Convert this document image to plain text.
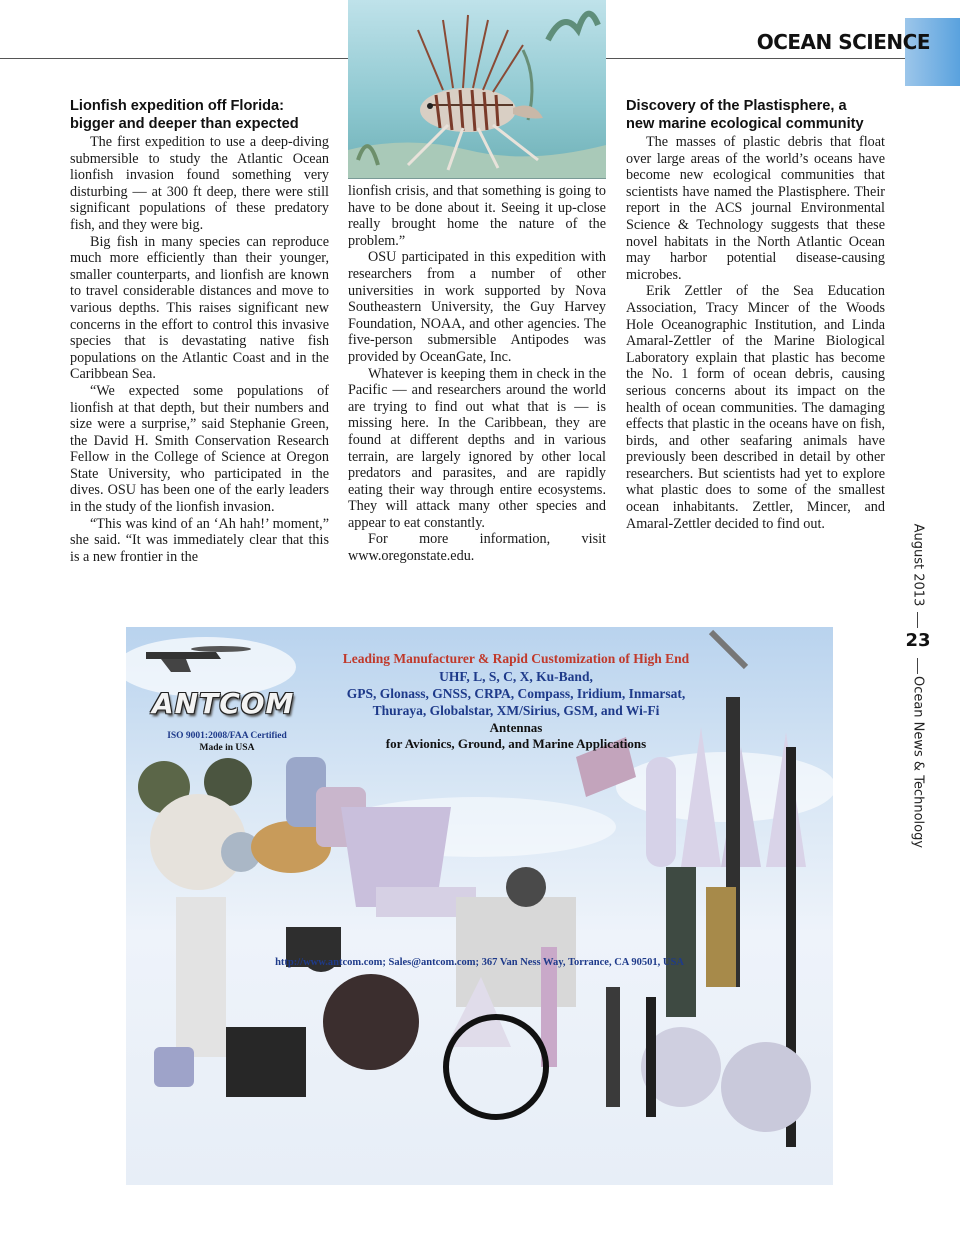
OCEAN SCIENCE
Lionfish expedition off Florida:
bigger and deeper than expected

The first expedition to use a deep-diving submersible to study the Atlantic Ocean lionfish invasion found something very disturbing — at 300 ft deep, there were still significant populations of these predatory fish, and they were big.

Big fish in many species can reproduce much more efficiently than their younger, smaller counterparts, and lionfish are known to travel considerable distances and move to various depths. This raises significant new concerns in the effort to control this invasive species that is devastating native fish populations on the Atlantic Coast and in the Caribbean Sea.

“We expected some populations of lionfish at that depth, but their numbers and size were a surprise,” said Stephanie Green, the David H. Smith Conservation Research Fellow in the College of Science at Oregon State University, who participated in the dives. OSU has been one of the early leaders in the study of the lionfish invasion.

“This was kind of an ‘Ah hah!’ moment,” she said. “It was immediately clear that this is a new frontier in the

lionfish crisis, and that something is going to have to be done about it. Seeing it up-close really brought home the nature of the problem.”

OSU participated in this expedition with researchers from a number of other universities in work supported by Nova Southeastern University, the Guy Harvey Foundation, NOAA, and other agencies. The five-person submersible Antipodes was provided by OceanGate, Inc.

Whatever is keeping them in check in the Pacific — and researchers around the world are trying to find out what that is — is missing here. In the Caribbean, they are found at different depths and in various terrain, are largely ignored by other local predators and parasites, and are rapidly eating their way through entire ecosystems. They will attack many other species and appear to eat constantly.

For more information, visit www.oregonstate.edu.

Discovery of the Plastisphere, a
new marine ecological community

The masses of plastic debris that float over large areas of the world’s oceans have become new ecological communities that scientists have named the Plastisphere. Their report in the ACS journal Environmental Science & Technology suggests that these novel habitats in the North Atlantic Ocean may harbor potential disease-causing microbes.

Erik Zettler of the Sea Education Association, Tracy Mincer of the Woods Hole Oceanographic Institution, and Linda Amaral-Zettler of the Marine Biological Laboratory explain that plastic has become the No. 1 form of ocean debris, causing serious concerns about its impact on the health of ocean communities. The damaging effects that plastic in the oceans have on fish, birds, and other seafaring animals have previously been described in detail by other researchers. But scientists had yet to explore what plastic does to some of the smallest ocean inhabitants. Zettler, Mincer, and Amaral-Zettler decided to find out.	August 2013
23
Ocean News & Technology
ANTCOM
ISO 9001:2008/FAA Certified
Made in USA
Leading Manufacturer & Rapid Customization of High End
UHF, L, S, C, X, Ku-Band,
GPS, Glonass, GNSS, CRPA, Compass, Iridium, Inmarsat,
Thuraya, Globalstar, XM/Sirius, GSM, and Wi-Fi
Antennas
for Avionics, Ground, and Marine Applications
http://www.antcom.com; Sales@antcom.com; 367 Van Ness Way, Torrance, CA 90501, USA
